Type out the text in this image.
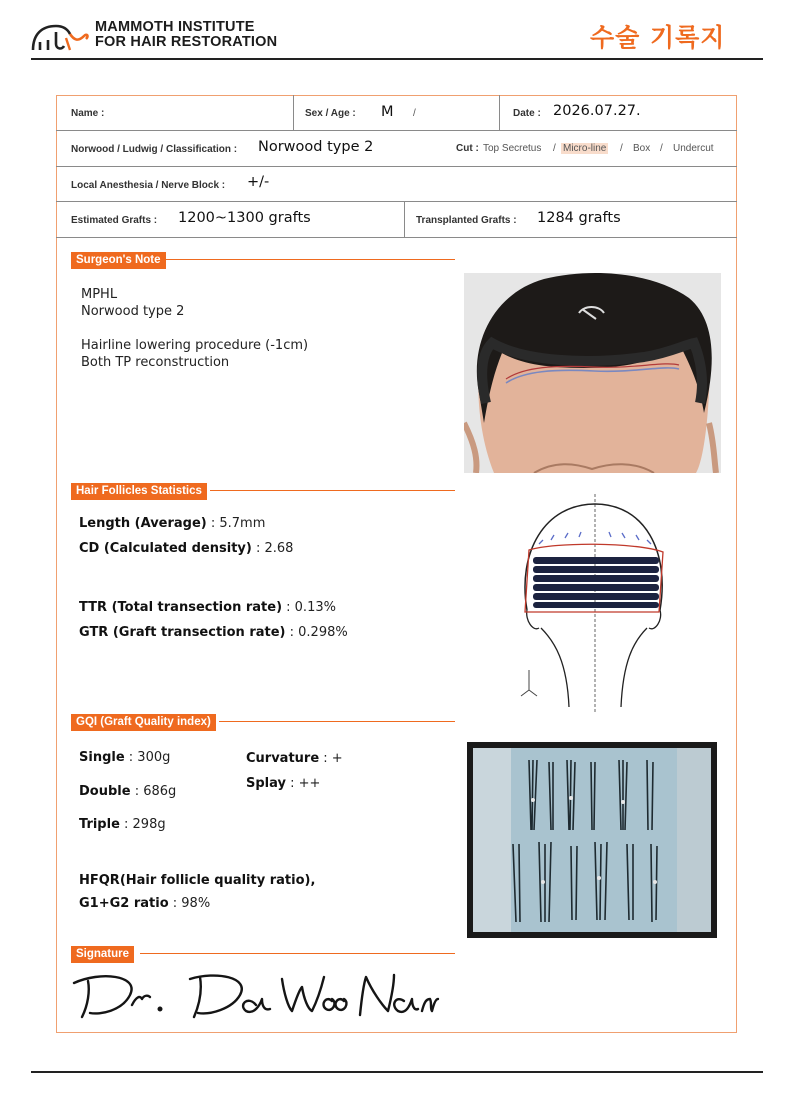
MAMMOTH INSTITUTE
FOR HAIR RESTORATION	수술 기록지
Name :	Sex / Age : M /	Date : 2026.07.27.
Norwood / Ludwig / Classification : Norwood type 2	Cut : Top Secretus / Micro-line / Box / Undercut
Local Anesthesia / Nerve Block : +/-
Estimated Grafts : 1200~1300 grafts	Transplanted Grafts : 1284 grafts
Surgeon's Note
MPHL
Norwood type 2
Hairline lowering procedure (-1cm)
Both TP reconstruction
Hair Follicles Statistics
Length (Average) : 5.7mm
CD (Calculated density) : 2.68
TTR (Total transection rate) : 0.13%
GTR (Graft transection rate) : 0.298%
GQI (Graft Quality index)
Single : 300g
Double : 686g
Triple : 298g
Curvature : +
Splay : ++
HFQR(Hair follicle quality ratio),
G1+G2 ratio : 98%
Signature
